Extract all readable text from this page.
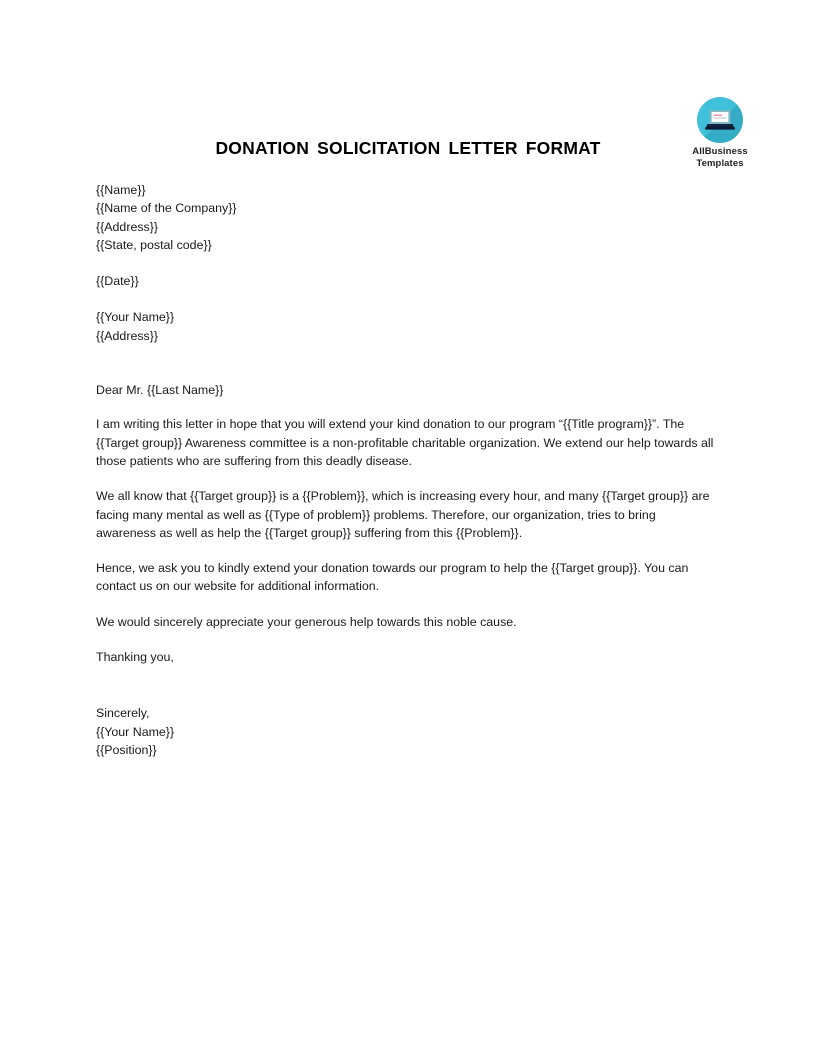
AllBusiness
Templates
DONATION SOLICITATION LETTER FORMAT
{{Name}}
{{Name of the Company}}
{{Address}}
{{State, postal code}}
{{Date}}
{{Your Name}}
{{Address}}
Dear Mr. {{Last Name}}

I am writing this letter in hope that you will extend your kind donation to our program “{{Title program}}”. The {{Target group}} Awareness committee is a non-profitable charitable organization. We extend our help towards all those patients who are suffering from this deadly disease.

We all know that {{Target group}} is a {{Problem}}, which is increasing every hour, and many {{Target group}} are facing many mental as well as {{Type of problem}} problems. Therefore, our organization, tries to bring awareness as well as help the {{Target group}} suffering from this {{Problem}}.

Hence, we ask you to kindly extend your donation towards our program to help the {{Target group}}. You can contact us on our website for additional information.

We would sincerely appreciate your generous help towards this noble cause.

Thanking you,

Sincerely,
{{Your Name}}
{{Position}}
